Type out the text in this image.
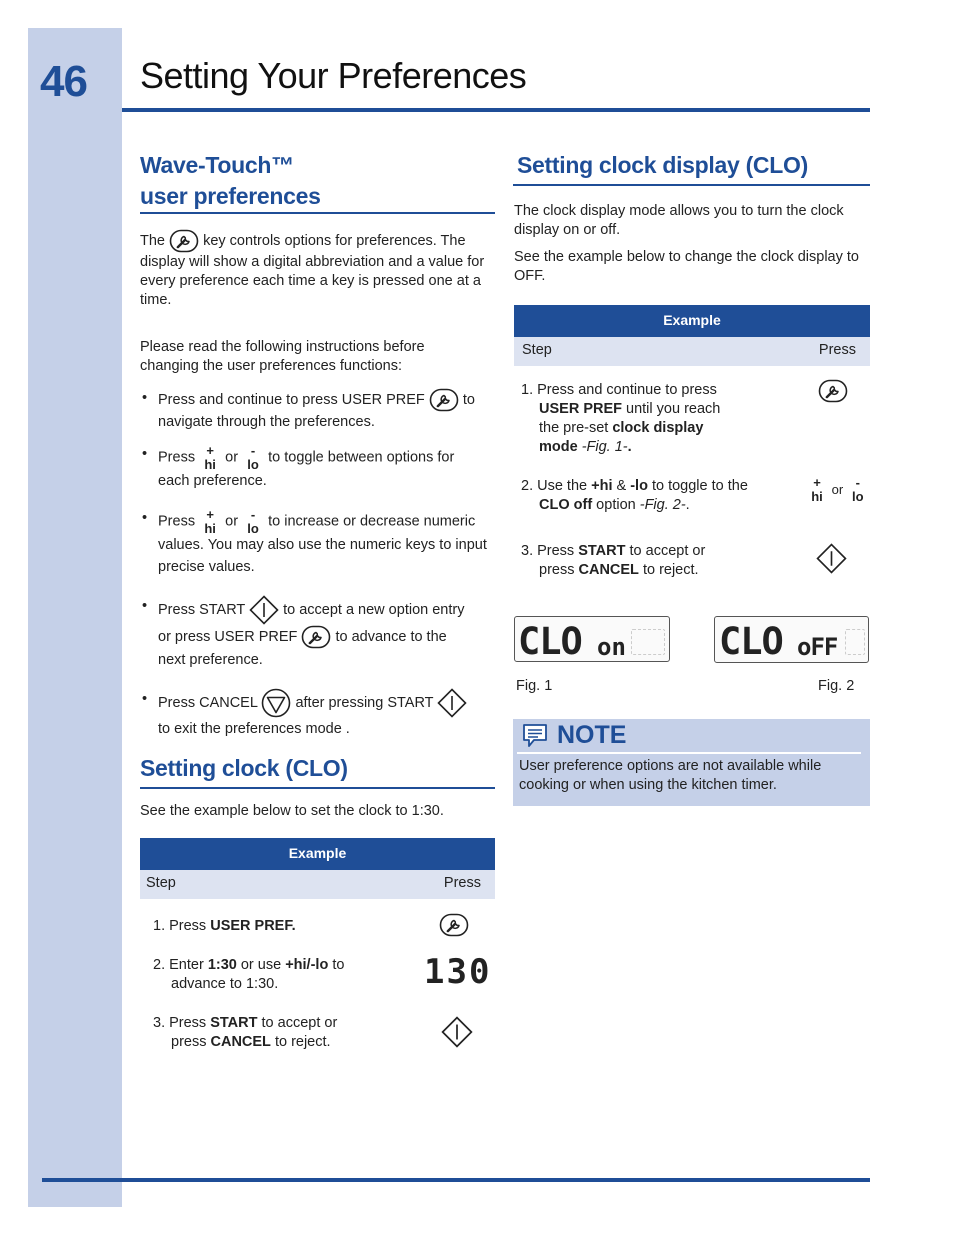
46 Setting Your Preferences
Wave-Touch™
user preferences
The	key controls options for preferences. The display will show a digital abbreviation and a value for every preference each time a key is pressed one at a time.
Please read the following instructions before changing the user preferences functions:
• Press and continue to press USER PREF	to
navigate through the preferences.
• Press +
hi or -
lo to toggle between options for
each preference.
• Press +
hi or -
lo to increase or decrease numeric values. You may also use the numeric keys to input precise values.
• Press START	to accept a new option entry
or press USER PREF	to advance to the
next preference.
• Press CANCEL	after pressing START
to exit the preferences mode .
Setting clock (CLO)
See the example below to set the clock to 1:30.
Example
Step	Press
1. Press USER PREF.
2. Enter 1:30 or use +hi/-lo to advance to 1:30.	130
3. Press START to accept or press CANCEL to reject.
Setting clock display (CLO)
The clock display mode allows you to turn the clock display on or off.
See the example below to change the clock display to OFF.
Example
Step	Press
1. Press and continue to press USER PREF until you reach the pre-set clock display mode -Fig. 1-.
2. Use the +hi & -lo to toggle to the CLO off option -Fig. 2-.
+
hi or -
lo
3. Press START to accept or press CANCEL to reject.
CLO on	CLO oFF
Fig. 1	Fig. 2
NOTE
User preference options are not available while cooking or when using the kitchen timer.
